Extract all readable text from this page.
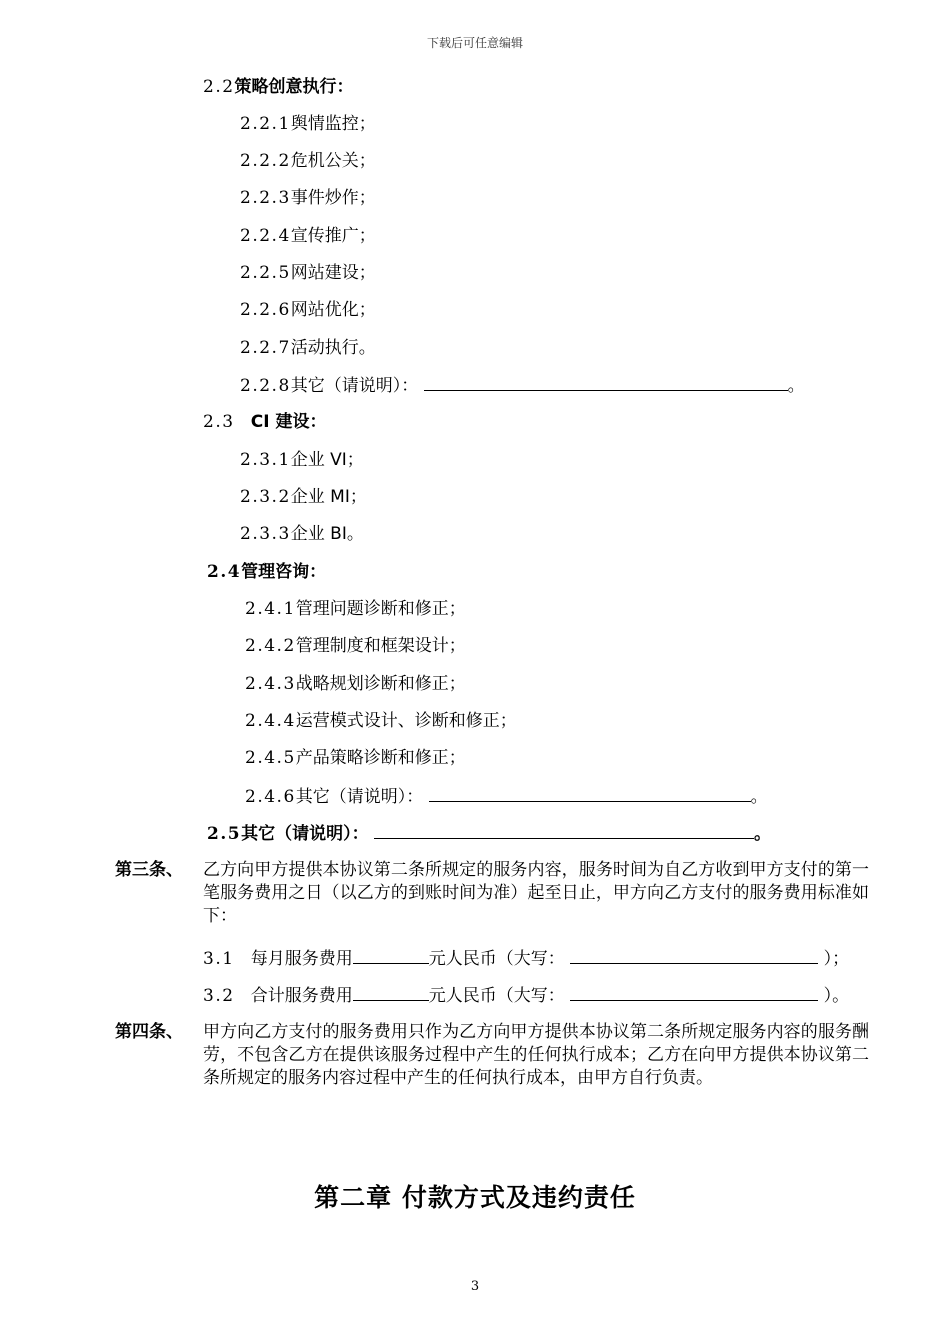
下载后可任意编辑
2.2策略创意执行：
2.2.1舆情监控；
2.2.2危机公关；
2.2.3事件炒作；
2.2.4宣传推广；
2.2.5网站建设；
2.2.6网站优化；
2.2.7活动执行。
2.2.8其它（请说明）：	。
2.3 CI 建设：
2.3.1企业 VI；
2.3.2企业 MI；
2.3.3企业 BI。
2.4管理咨询：
2.4.1管理问题诊断和修正；
2.4.2管理制度和框架设计；
2.4.3战略规划诊断和修正；
2.4.4运营模式设计、诊断和修正；
2.4.5产品策略诊断和修正；
2.4.6其它（请说明）：	。
2.5其它（请说明）：	。
第三条、 乙方向甲方提供本协议第二条所规定的服务内容，服务时间为自乙方收到甲方支付的第一笔服务费用之日（以乙方的到账时间为准）起至日止，甲方向乙方支付的服务费用标准如下：
3.1 每月服务费用	元人民币（大写：	）；
3.2 合计服务费用	元人民币（大写：	）。
第四条、 甲方向乙方支付的服务费用只作为乙方向甲方提供本协议第二条所规定服务内容的服务酬劳，不包含乙方在提供该服务过程中产生的任何执行成本；乙方在向甲方提供本协议第二条所规定的服务内容过程中产生的任何执行成本，由甲方自行负责。
第二章 付款方式及违约责任
3
